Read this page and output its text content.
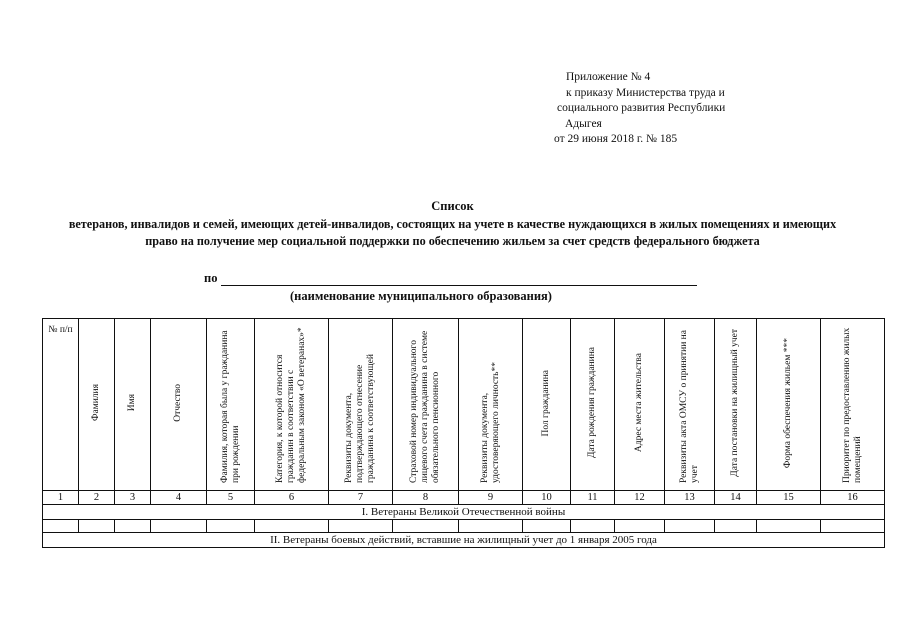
Приложение № 4
к приказу Министерства труда и
социального развития Республики
Адыгея
от 29 июня 2018 г. № 185
Список
ветеранов, инвалидов и семей, имеющих детей-инвалидов, состоящих на учете в качестве нуждающихся в жилых помещениях и имеющих право на получение мер социальной поддержки по обеспечению жильем за счет средств федерального бюджета
по
(наименование муниципального образования)
№ п/п	Фамилия	Имя	Отчество	Фамилия, которая была у гражданина при рождении	Категория, к которой относится гражданин в соответствии с федеральным законом «О ветеранах»*	Реквизиты документа, подтверждающего отнесение гражданина к соответствующей	Страховой номер индивидуального лицевого счета гражданина в системе обязательного пенсионного	Реквизиты документа, удостоверяющего личность**	Пол гражданина	Дата рождения гражданина	Адрес места жительства	Реквизиты акта ОМСУ о принятии на учет	Дата постановки на жилищный учет	Форма обеспечения жильем ***	Приоритет по предоставлению жилых помещений
1	2	3	4	5	6	7	8	9	10	11	12	13	14	15	16
I. Ветераны Великой Отечественной войны															

II. Ветераны боевых действий, вставшие на жилищный учет до 1 января 2005 года															
